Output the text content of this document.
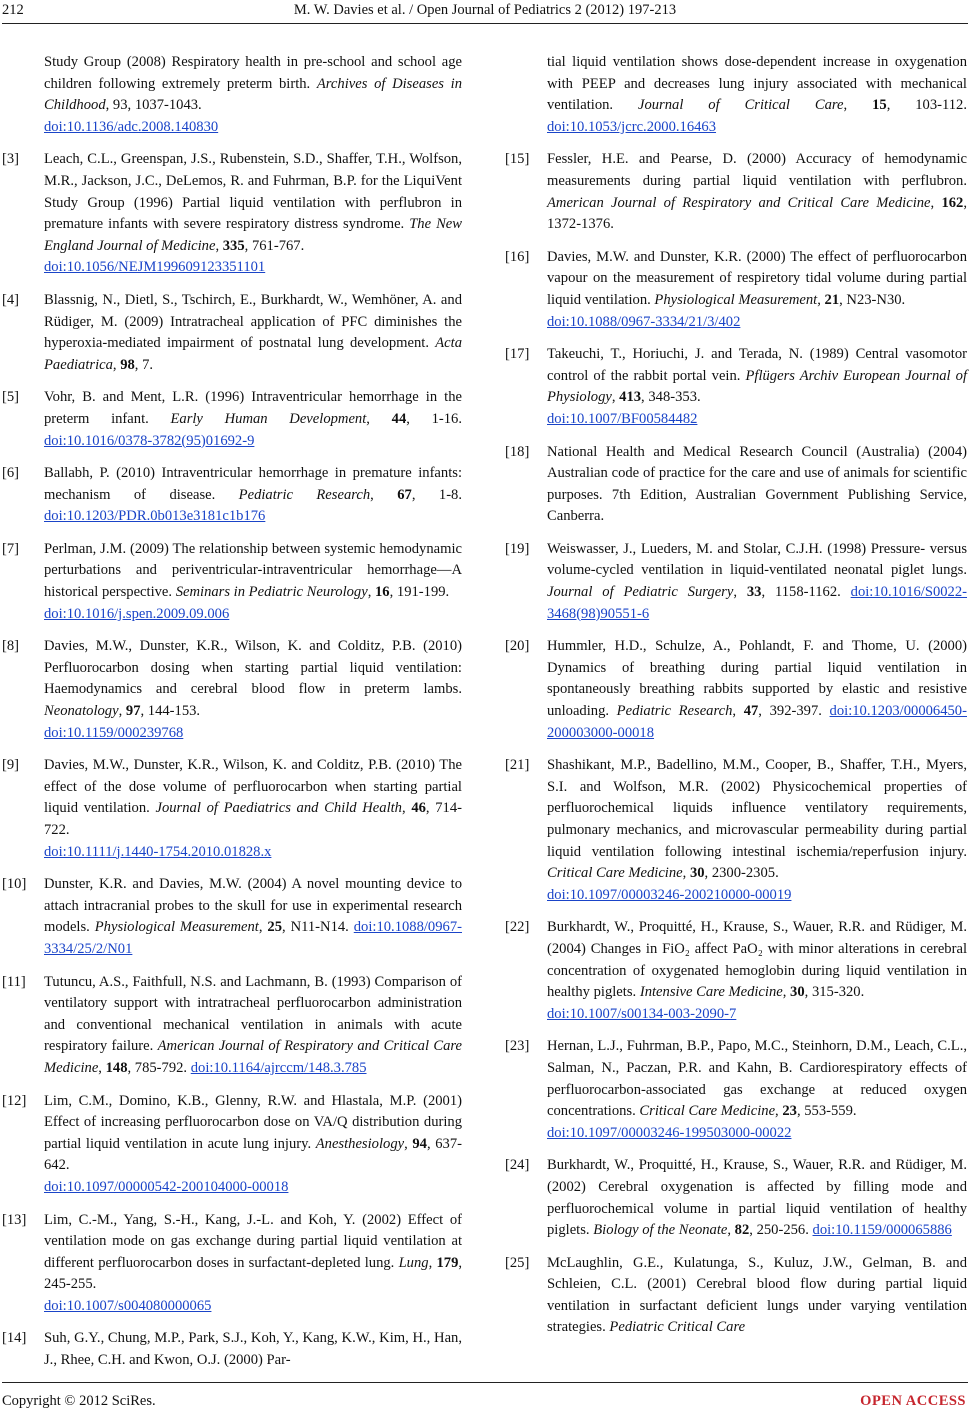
212	M. W. Davies et al. / Open Journal of Pediatrics 2 (2012) 197-213
Study Group (2008) Respiratory health in pre-school and school age children following extremely preterm birth. Archives of Diseases in Childhood, 93, 1037-1043.
doi:10.1136/adc.2008.140830
[3]	Leach, C.L., Greenspan, J.S., Rubenstein, S.D., Shaffer, T.H., Wolfson, M.R., Jackson, J.C., DeLemos, R. and Fuhrman, B.P. for the LiquiVent Study Group (1996) Partial liquid ventilation with perflubron in premature infants with severe respiratory distress syndrome. The New England Journal of Medicine, 335, 761-767.
doi:10.1056/NEJM199609123351101
[4]	Blassnig, N., Dietl, S., Tschirch, E., Burkhardt, W., Wemhöner, A. and Rüdiger, M. (2009) Intratracheal application of PFC diminishes the hyperoxia-mediated impairment of postnatal lung development. Acta Paediatrica, 98, 7.
[5]	Vohr, B. and Ment, L.R. (1996) Intraventricular hemorrhage in the preterm infant. Early Human Development, 44, 1-16. doi:10.1016/0378-3782(95)01692-9
[6]	Ballabh, P. (2010) Intraventricular hemorrhage in premature infants: mechanism of disease. Pediatric Research, 67, 1-8. doi:10.1203/PDR.0b013e3181c1b176
[7]	Perlman, J.M. (2009) The relationship between systemic hemodynamic perturbations and periventricular-intraventricular hemorrhage—A historical perspective. Seminars in Pediatric Neurology, 16, 191-199.
doi:10.1016/j.spen.2009.09.006
[8]	Davies, M.W., Dunster, K.R., Wilson, K. and Colditz, P.B. (2010) Perfluorocarbon dosing when starting partial liquid ventilation: Haemodynamics and cerebral blood flow in preterm lambs. Neonatology, 97, 144-153.
doi:10.1159/000239768
[9]	Davies, M.W., Dunster, K.R., Wilson, K. and Colditz, P.B. (2010) The effect of the dose volume of perfluorocarbon when starting partial liquid ventilation. Journal of Paediatrics and Child Health, 46, 714-722.
doi:10.1111/j.1440-1754.2010.01828.x
[10]	Dunster, K.R. and Davies, M.W. (2004) A novel mounting device to attach intracranial probes to the skull for use in experimental research models. Physiological Measurement, 25, N11-N14. doi:10.1088/0967-3334/25/2/N01
[11]	Tutuncu, A.S., Faithfull, N.S. and Lachmann, B. (1993) Comparison of ventilatory support with intratracheal perfluorocarbon administration and conventional mechanical ventilation in animals with acute respiratory failure. American Journal of Respiratory and Critical Care Medicine, 148, 785-792. doi:10.1164/ajrccm/148.3.785
[12]	Lim, C.M., Domino, K.B., Glenny, R.W. and Hlastala, M.P. (2001) Effect of increasing perfluorocarbon dose on VA/Q distribution during partial liquid ventilation in acute lung injury. Anesthesiology, 94, 637-642.
doi:10.1097/00000542-200104000-00018
[13]	Lim, C.-M., Yang, S.-H., Kang, J.-L. and Koh, Y. (2002) Effect of ventilation mode on gas exchange during partial liquid ventilation at different perfluorocarbon doses in surfactant-depleted lung. Lung, 179, 245-255.
doi:10.1007/s004080000065
[14]	Suh, G.Y., Chung, M.P., Park, S.J., Koh, Y., Kang, K.W., Kim, H., Han, J., Rhee, C.H. and Kwon, O.J. (2000) Par-
tial liquid ventilation shows dose-dependent increase in oxygenation with PEEP and decreases lung injury associated with mechanical ventilation. Journal of Critical Care, 15, 103-112. doi:10.1053/jcrc.2000.16463
[15]	Fessler, H.E. and Pearse, D. (2000) Accuracy of hemodynamic measurements during partial liquid ventilation with perflubron. American Journal of Respiratory and Critical Care Medicine, 162, 1372-1376.
[16]	Davies, M.W. and Dunster, K.R. (2000) The effect of perfluorocarbon vapour on the measurement of respiretory tidal volume during partial liquid ventilation. Physiological Measurement, 21, N23-N30.
doi:10.1088/0967-3334/21/3/402
[17]	Takeuchi, T., Horiuchi, J. and Terada, N. (1989) Central vasomotor control of the rabbit portal vein. Pflügers Archiv European Journal of Physiology, 413, 348-353.
doi:10.1007/BF00584482
[18]	National Health and Medical Research Council (Australia) (2004) Australian code of practice for the care and use of animals for scientific purposes. 7th Edition, Australian Government Publishing Service, Canberra.
[19]	Weiswasser, J., Lueders, M. and Stolar, C.J.H. (1998) Pressure- versus volume-cycled ventilation in liquid-ventilated neonatal piglet lungs. Journal of Pediatric Surgery, 33, 1158-1162. doi:10.1016/S0022-3468(98)90551-6
[20]	Hummler, H.D., Schulze, A., Pohlandt, F. and Thome, U. (2000) Dynamics of breathing during partial liquid ventilation in spontaneously breathing rabbits supported by elastic and resistive unloading. Pediatric Research, 47, 392-397. doi:10.1203/00006450-200003000-00018
[21]	Shashikant, M.P., Badellino, M.M., Cooper, B., Shaffer, T.H., Myers, S.I. and Wolfson, M.R. (2002) Physicochemical properties of perfluorochemical liquids influence ventilatory requirements, pulmonary mechanics, and microvascular permeability during partial liquid ventilation following intestinal ischemia/reperfusion injury. Critical Care Medicine, 30, 2300-2305.
doi:10.1097/00003246-200210000-00019
[22]	Burkhardt, W., Proquitté, H., Krause, S., Wauer, R.R. and Rüdiger, M. (2004) Changes in FiO₂ affect PaO₂ with minor alterations in cerebral concentration of oxygenated hemoglobin during liquid ventilation in healthy piglets. Intensive Care Medicine, 30, 315-320.
doi:10.1007/s00134-003-2090-7
[23]	Hernan, L.J., Fuhrman, B.P., Papo, M.C., Steinhorn, D.M., Leach, C.L., Salman, N., Paczan, P.R. and Kahn, B. Cardiorespiratory effects of perfluorocarbon-associated gas exchange at reduced oxygen concentrations. Critical Care Medicine, 23, 553-559.
doi:10.1097/00003246-199503000-00022
[24]	Burkhardt, W., Proquitté, H., Krause, S., Wauer, R.R. and Rüdiger, M. (2002) Cerebral oxygenation is affected by filling mode and perfluorochemical volume in partial liquid ventilation of healthy piglets. Biology of the Neonate, 82, 250-256. doi:10.1159/000065886
[25]	McLaughlin, G.E., Kulatunga, S., Kuluz, J.W., Gelman, B. and Schleien, C.L. (2001) Cerebral blood flow during partial liquid ventilation in surfactant deficient lungs under varying ventilation strategies. Pediatric Critical Care
Copyright © 2012 SciRes.	OPEN ACCESS
